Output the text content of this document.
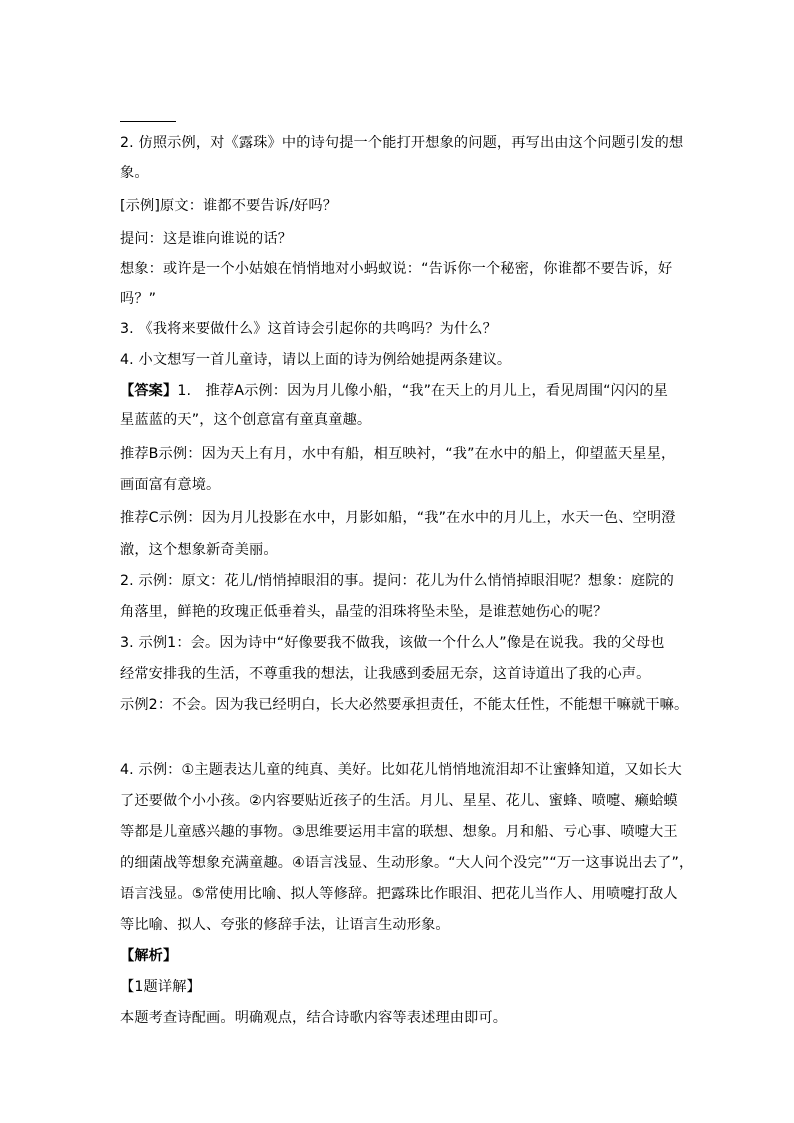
2. 仿照示例，对《露珠》中的诗句提一个能打开想象的问题，再写出由这个问题引发的想
象。
[示例]原文：谁都不要告诉/好吗？
提问：这是谁向谁说的话？
想象：或许是一个小姑娘在悄悄地对小蚂蚁说：“告诉你一个秘密，你谁都不要告诉，好
吗？”
3. 《我将来要做什么》这首诗会引起你的共鸣吗？为什么？
4. 小文想写一首儿童诗，请以上面的诗为例给她提两条建议。
【答案】1.　推荐A示例：因为月儿像小船，“我”在天上的月儿上，看见周围“闪闪的星
星蓝蓝的天”，这个创意富有童真童趣。
推荐B示例：因为天上有月，水中有船，相互映衬，“我”在水中的船上，仰望蓝天星星，
画面富有意境。
推荐C示例：因为月儿投影在水中，月影如船，“我”在水中的月儿上，水天一色、空明澄
澈，这个想象新奇美丽。
2. 示例：原文：花儿/悄悄掉眼泪的事。提问：花儿为什么悄悄掉眼泪呢？想象：庭院的
角落里，鲜艳的玫瑰正低垂着头，晶莹的泪珠将坠未坠，是谁惹她伤心的呢？
3. 示例1：会。因为诗中“好像要我不做我，该做一个什么人”像是在说我。我的父母也
经常安排我的生活，不尊重我的想法，让我感到委屈无奈，这首诗道出了我的心声。
示例2：不会。因为我已经明白，长大必然要承担责任，不能太任性，不能想干嘛就干嘛。
4. 示例：①主题表达儿童的纯真、美好。比如花儿悄悄地流泪却不让蜜蜂知道，又如长大
了还要做个小小孩。②内容要贴近孩子的生活。月儿、星星、花儿、蜜蜂、喷嚏、癞蛤蟆
等都是儿童感兴趣的事物。③思维要运用丰富的联想、想象。月和船、亏心事、喷嚏大王
的细菌战等想象充满童趣。④语言浅显、生动形象。“大人问个没完”“万一这事说出去了”，
语言浅显。⑤常使用比喻、拟人等修辞。把露珠比作眼泪、把花儿当作人、用喷嚏打敌人
等比喻、拟人、夸张的修辞手法，让语言生动形象。
【解析】
【1题详解】
本题考查诗配画。明确观点，结合诗歌内容等表述理由即可。
